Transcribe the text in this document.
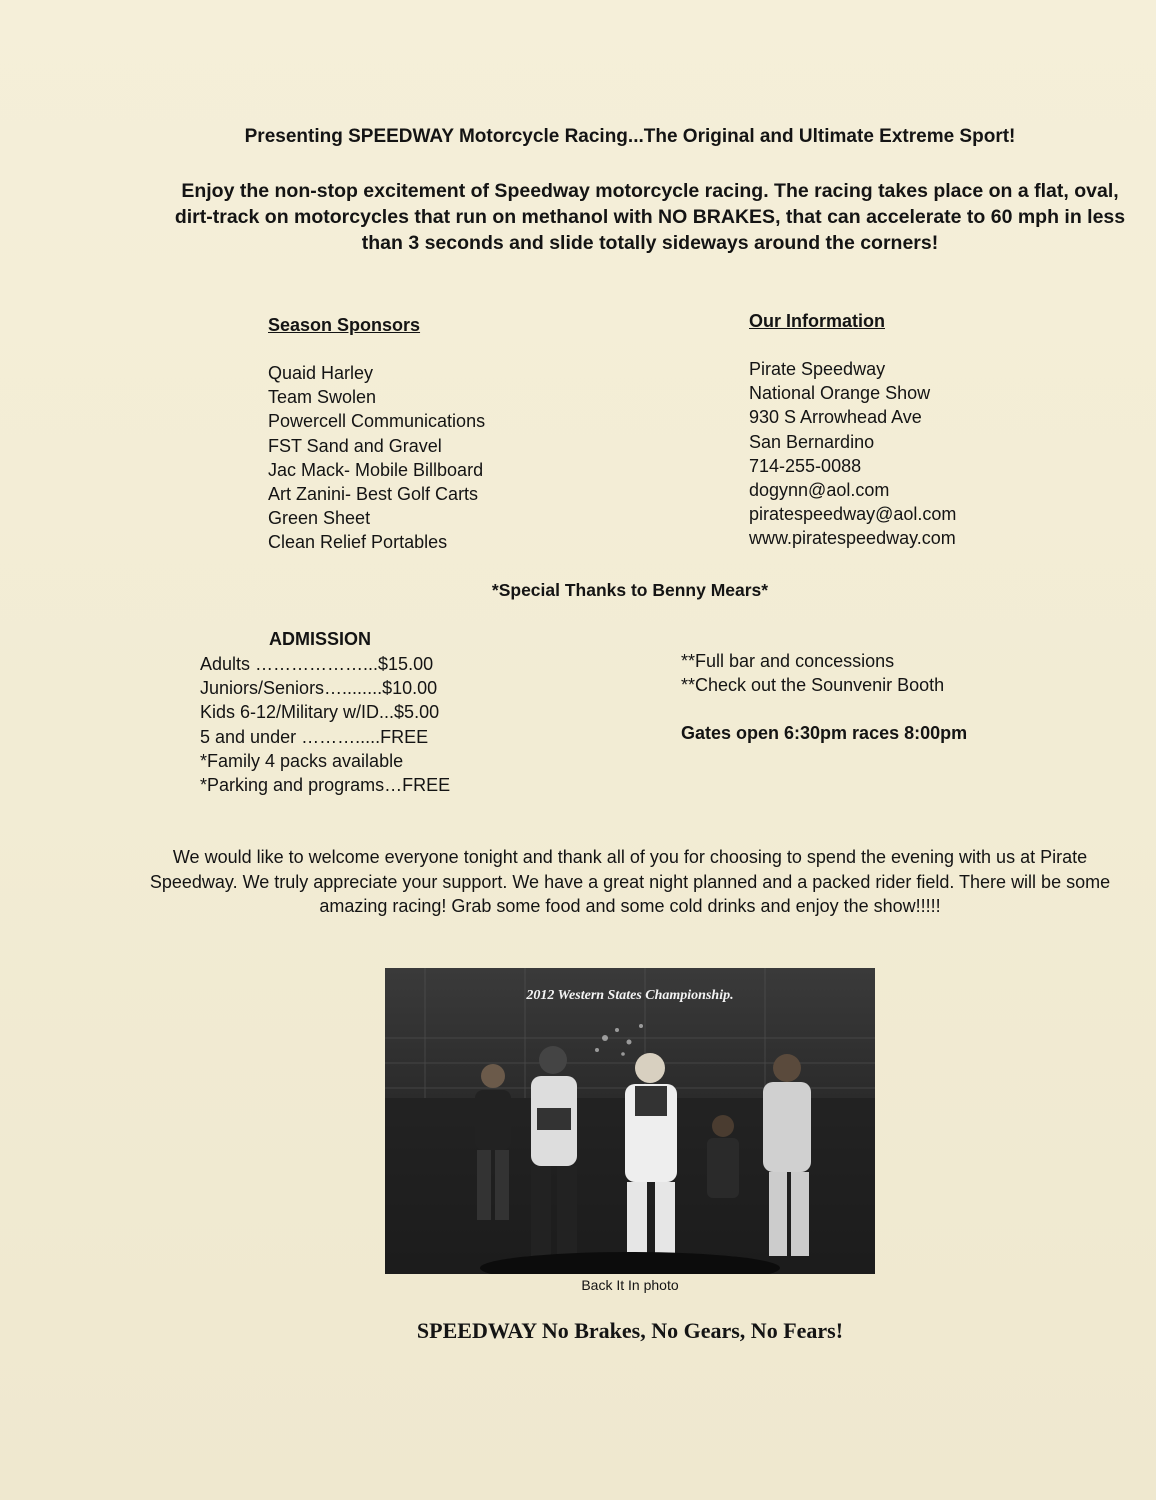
Presenting SPEEDWAY Motorcycle Racing...The Original and Ultimate Extreme Sport!
Enjoy the non-stop excitement of Speedway motorcycle racing. The racing takes place on a flat, oval, dirt-track on motorcycles that run on methanol with NO BRAKES, that can accelerate to 60 mph in less than 3 seconds and slide totally sideways around the corners!
Season Sponsors
Quaid Harley
Team Swolen
Powercell Communications
FST Sand and Gravel
Jac Mack- Mobile Billboard
Art Zanini- Best Golf Carts
Green Sheet
Clean Relief Portables
Our Information
Pirate Speedway
National Orange Show
930 S Arrowhead Ave
San Bernardino
714-255-0088
dogynn@aol.com
piratespeedway@aol.com
www.piratespeedway.com
*Special Thanks to Benny Mears*
ADMISSION
Adults ………………...$15.00
Juniors/Seniors…........$10.00
Kids 6-12/Military w/ID...$5.00
5 and under ……….....FREE
*Family 4 packs available
*Parking and programs…FREE
**Full bar and concessions
**Check out the Sounvenir Booth
Gates open 6:30pm races 8:00pm
We would like to welcome everyone tonight and thank all of you for choosing to spend the evening with us at Pirate Speedway. We truly appreciate your support. We have a great night planned and a packed rider field. There will be some amazing racing! Grab some food and some cold drinks and enjoy the show!!!!!
2012 Western States Championship.
Back It In photo
SPEEDWAY No Brakes, No Gears, No Fears!
